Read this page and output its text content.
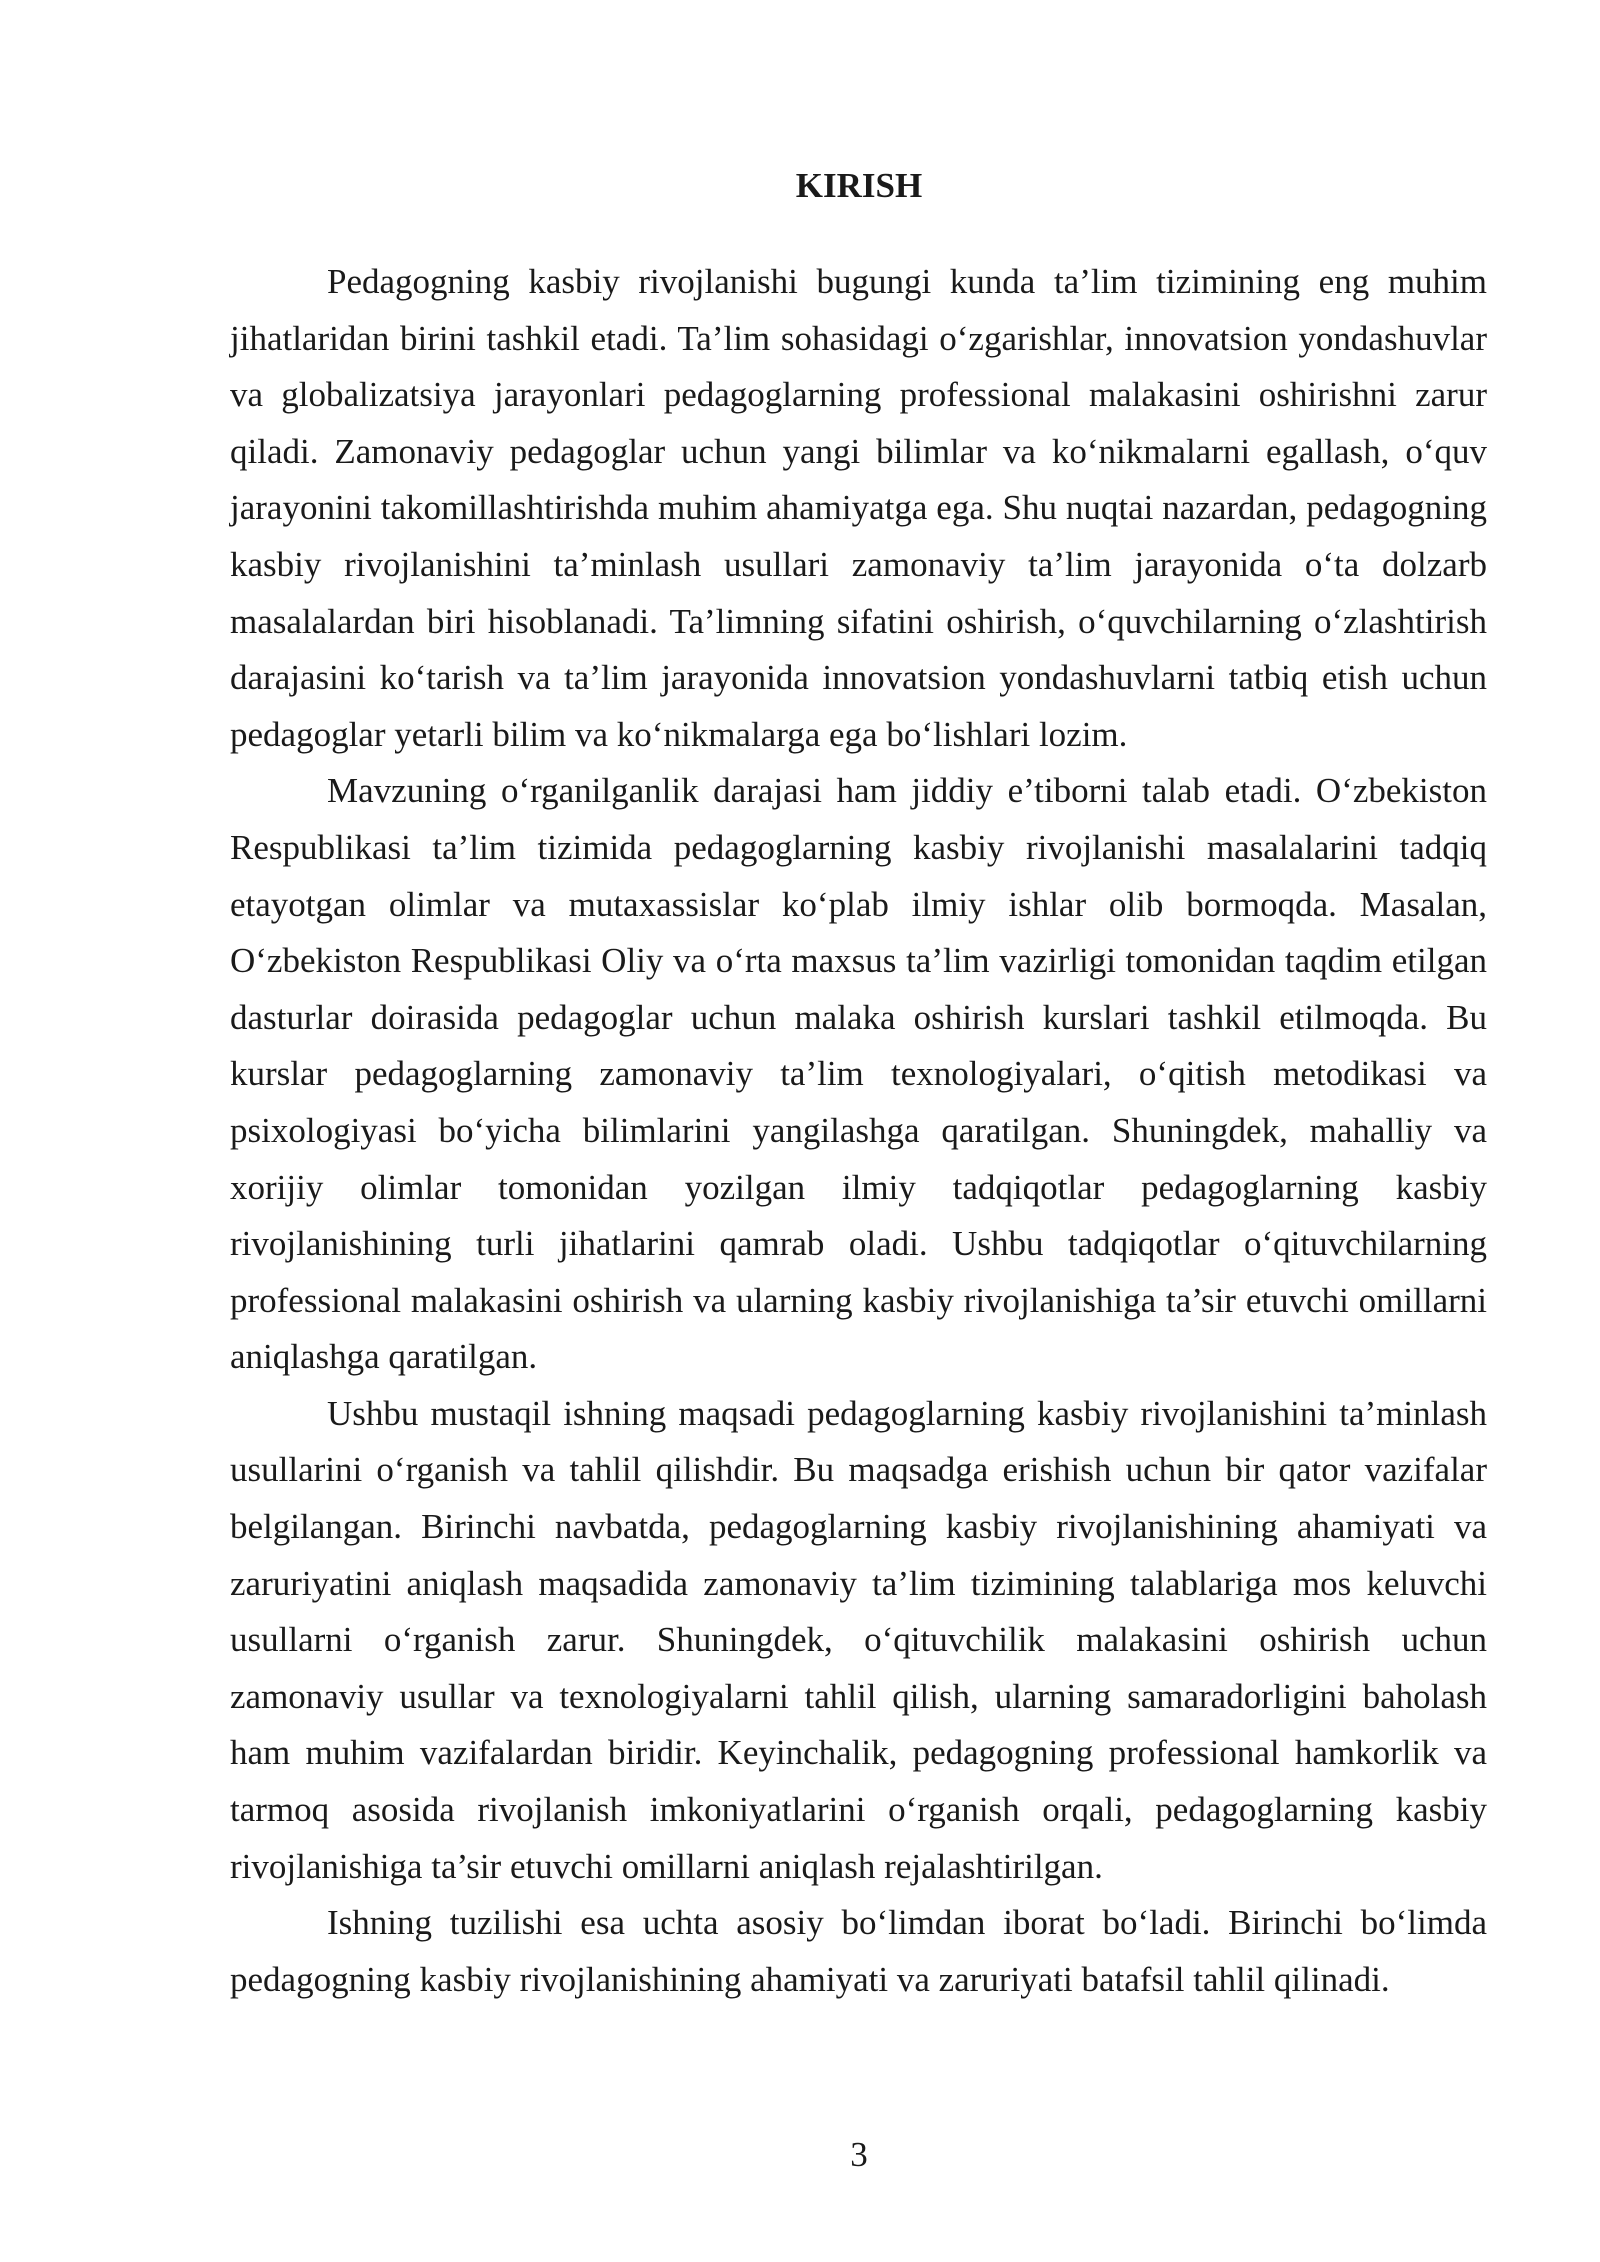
KIRISH

Pedagogning kasbiy rivojlanishi bugungi kunda ta’lim tizimining eng muhim jihatlaridan birini tashkil etadi. Ta’lim sohasidagi o‘zgarishlar, innovatsion yondashuvlar va globalizatsiya jarayonlari pedagoglarning professional malakasini oshirishni zarur qiladi. Zamonaviy pedagoglar uchun yangi bilimlar va ko‘nikmalarni egallash, o‘quv jarayonini takomillashtirishda muhim ahamiyatga ega. Shu nuqtai nazardan, pedagogning kasbiy rivojlanishini ta’minlash usullari zamonaviy ta’lim jarayonida o‘ta dolzarb masalalardan biri hisoblanadi. Ta’limning sifatini oshirish, o‘quvchilarning o‘zlashtirish darajasini ko‘tarish va ta’lim jarayonida innovatsion yondashuvlarni tatbiq etish uchun pedagoglar yetarli bilim va ko‘nikmalarga ega bo‘lishlari lozim.

Mavzuning o‘rganilganlik darajasi ham jiddiy e’tiborni talab etadi. O‘zbekiston Respublikasi ta’lim tizimida pedagoglarning kasbiy rivojlanishi masalalarini tadqiq etayotgan olimlar va mutaxassislar ko‘plab ilmiy ishlar olib bormoqda. Masalan, O‘zbekiston Respublikasi Oliy va o‘rta maxsus ta’lim vazirligi tomonidan taqdim etilgan dasturlar doirasida pedagoglar uchun malaka oshirish kurslari tashkil etilmoqda. Bu kurslar pedagoglarning zamonaviy ta’lim texnologiyalari, o‘qitish metodikasi va psixologiyasi bo‘yicha bilimlarini yangilashga qaratilgan. Shuningdek, mahalliy va xorijiy olimlar tomonidan yozilgan ilmiy tadqiqotlar pedagoglarning kasbiy rivojlanishining turli jihatlarini qamrab oladi. Ushbu tadqiqotlar o‘qituvchilarning professional malakasini oshirish va ularning kasbiy rivojlanishiga ta’sir etuvchi omillarni aniqlashga qaratilgan.

Ushbu mustaqil ishning maqsadi pedagoglarning kasbiy rivojlanishini ta’minlash usullarini o‘rganish va tahlil qilishdir. Bu maqsadga erishish uchun bir qator vazifalar belgilangan. Birinchi navbatda, pedagoglarning kasbiy rivojlanishining ahamiyati va zaruriyatini aniqlash maqsadida zamonaviy ta’lim tizimining talablariga mos keluvchi usullarni o‘rganish zarur. Shuningdek, o‘qituvchilik malakasini oshirish uchun zamonaviy usullar va texnologiyalarni tahlil qilish, ularning samaradorligini baholash ham muhim vazifalardan biridir. Keyinchalik, pedagogning professional hamkorlik va tarmoq asosida rivojlanish imkoniyatlarini o‘rganish orqali, pedagoglarning kasbiy rivojlanishiga ta’sir etuvchi omillarni aniqlash rejalashtirilgan.

Ishning tuzilishi esa uchta asosiy bo‘limdan iborat bo‘ladi. Birinchi bo‘limda pedagogning kasbiy rivojlanishining ahamiyati va zaruriyati batafsil tahlil qilinadi.

3
